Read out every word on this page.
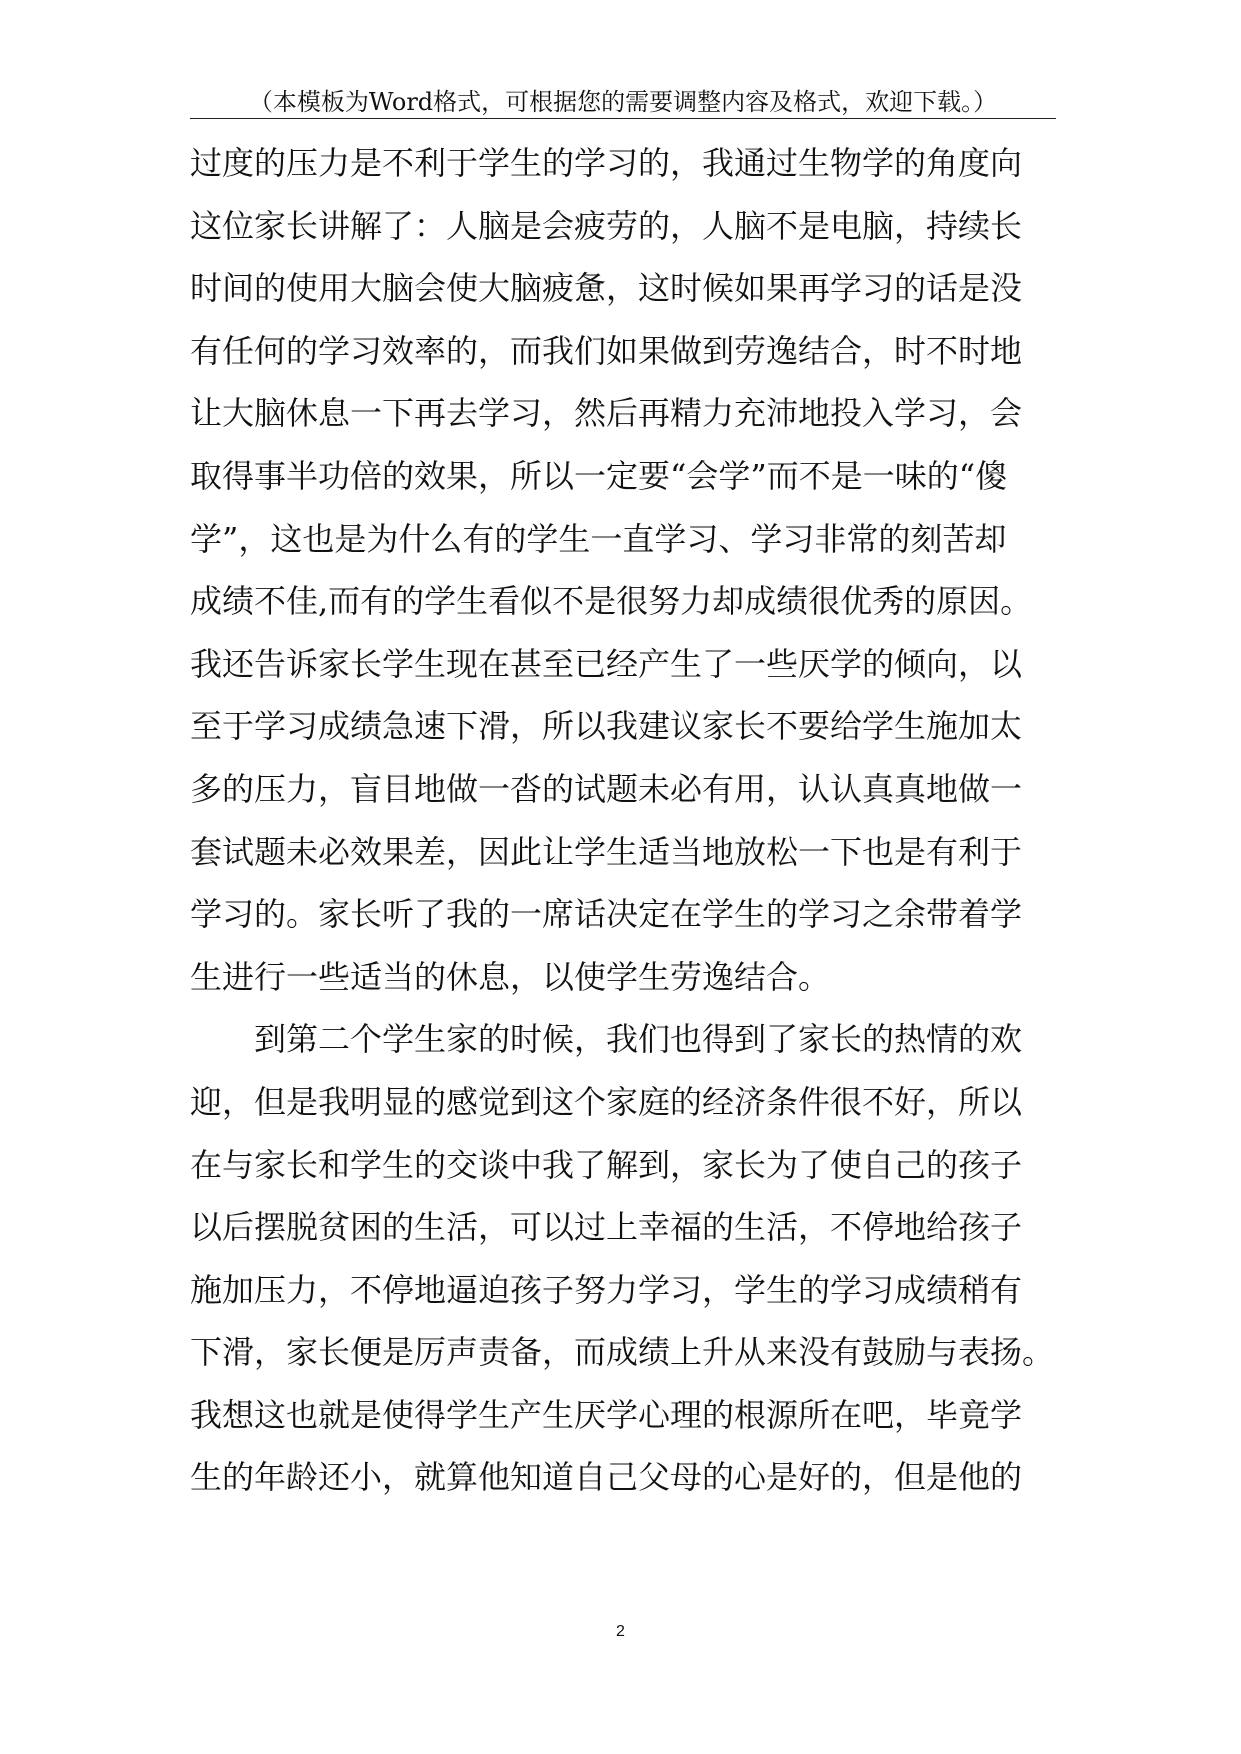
（本模板为Word格式，可根据您的需要调整内容及格式，欢迎下载。）
过度的压力是不利于学生的学习的，我通过生物学的角度向
这位家长讲解了：人脑是会疲劳的，人脑不是电脑，持续长
时间的使用大脑会使大脑疲惫，这时候如果再学习的话是没
有任何的学习效率的，而我们如果做到劳逸结合，时不时地
让大脑休息一下再去学习，然后再精力充沛地投入学习，会
取得事半功倍的效果，所以一定要“会学”而不是一味的“傻
学”，这也是为什么有的学生一直学习、学习非常的刻苦却
成绩不佳,而有的学生看似不是很努力却成绩很优秀的原因。
我还告诉家长学生现在甚至已经产生了一些厌学的倾向，以
至于学习成绩急速下滑，所以我建议家长不要给学生施加太
多的压力，盲目地做一沓的试题未必有用，认认真真地做一
套试题未必效果差，因此让学生适当地放松一下也是有利于
学习的。家长听了我的一席话决定在学生的学习之余带着学
生进行一些适当的休息，以使学生劳逸结合。
到第二个学生家的时候，我们也得到了家长的热情的欢
迎，但是我明显的感觉到这个家庭的经济条件很不好，所以
在与家长和学生的交谈中我了解到，家长为了使自己的孩子
以后摆脱贫困的生活，可以过上幸福的生活，不停地给孩子
施加压力，不停地逼迫孩子努力学习，学生的学习成绩稍有
下滑，家长便是厉声责备，而成绩上升从来没有鼓励与表扬。
我想这也就是使得学生产生厌学心理的根源所在吧，毕竟学
生的年龄还小，就算他知道自己父母的心是好的，但是他的
2
